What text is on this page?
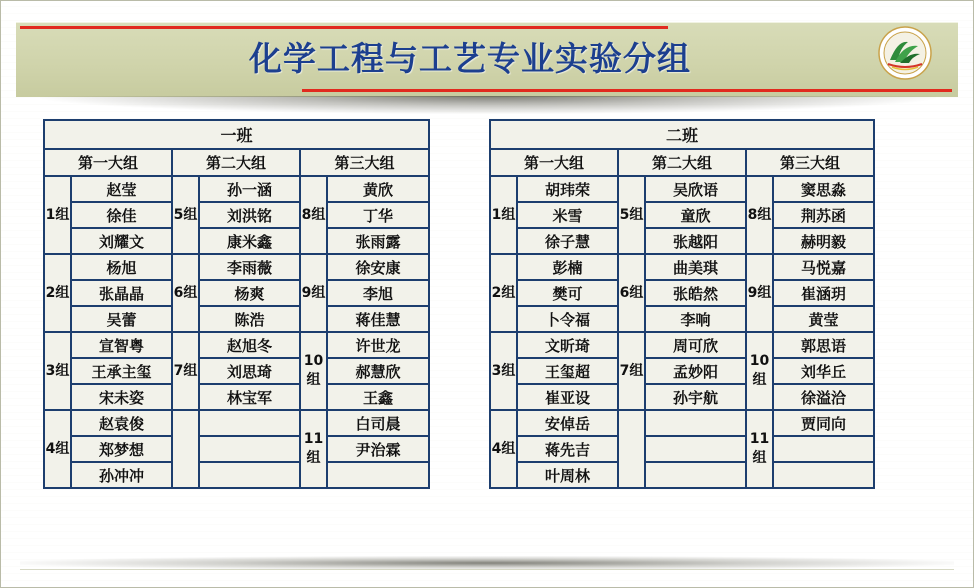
化学工程与工艺专业实验分组
一班					
第一大组		第二大组		第三大组	
1组	赵莹	5组	孙一涵	8组	黄欣
	徐佳		刘洪铭		丁华
	刘耀文		康米鑫		张雨露
2组	杨旭	6组	李雨薇	9组	徐安康
	张晶晶		杨爽		李旭
	吴蕾		陈浩		蒋佳慧
3组	宣智粤	7组	赵旭冬	10组	许世龙
	王承主玺		刘思琦		郝慧欣
	宋未姿		林宝军		王鑫
4组	赵袁俊			11组	白司晨
	郑梦想				尹治霖
	孙冲冲				
二班					
第一大组		第二大组		第三大组	
1组	胡玮荣	5组	吴欣语	8组	窦思淼
	米雪		童欣		荆苏函
	徐子慧		张越阳		赫明毅
2组	彭楠	6组	曲美琪	9组	马悦嘉
	樊可		张皓然		崔涵玥
	卜令福		李响		黄莹
3组	文昕琦	7组	周可欣	10组	郭思语
	王玺超		孟妙阳		刘华丘
	崔亚设		孙宇航		徐溢洽
4组	安倬岳			11组	贾同向
	蒋先吉				
	叶周林				
